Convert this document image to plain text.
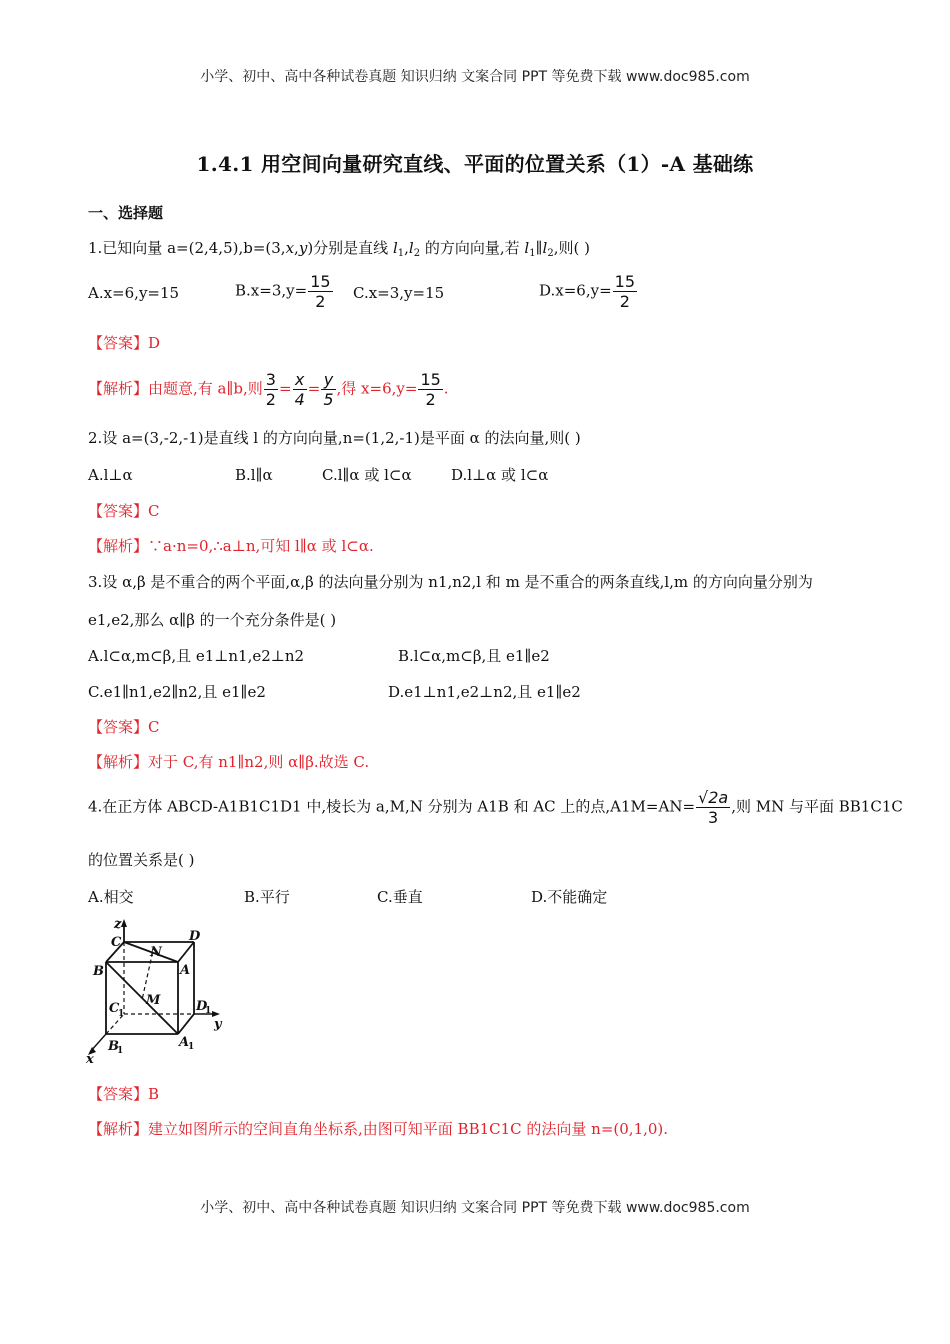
小学、初中、高中各种试卷真题 知识归纳 文案合同 PPT 等免费下载 www.doc985.com
1.4.1 用空间向量研究直线、平面的位置关系（1）-A 基础练
一、选择题
1.已知向量 a=(2,4,5),b=(3,x,y)分别是直线 $l_1,l_2$ 的方向向量,若 $l_1\parallel l_2$,则( )
A.x=6,y=15	$B.x=3,y= \frac{15}{2} C.x=3,y=15$	$D.x=6,y= \frac{15}{2}$
【答案】D
【解析】由题意,有 a∥b,则 $\frac{3}{2} = \frac{x}{4} = \frac{y}{5}$ ,得 $x=6,y= \frac{15}{2}$ .
2.设 a=(3,-2,-1)是直线 l 的方向向量,n=(1,2,-1)是平面 α 的法向量,则( )
A.l⊥α	B.l∥α	C.l∥α 或 l⊂α	D.l⊥α 或 l⊂α
【答案】C
【解析】∵a·n=0,∴a⊥n,可知 l∥α 或 l⊂α.
3.设 α,β 是不重合的两个平面,α,β 的法向量分别为 n1,n2,l 和 m 是不重合的两条直线,l,m 的方向向量分别为
e1,e2,那么 α∥β 的一个充分条件是( )
A.l⊂α,m⊂β,且 e1⊥n1,e2⊥n2	B.l⊂α,m⊂β,且 e1∥e2
C.e1∥n1,e2∥n2,且 e1∥e2	D.e1⊥n1,e2⊥n2,且 e1∥e2
【答案】C
【解析】对于 C,有 n1∥n2,则 α∥β.故选 C.
4.在正方体 ABCD-A1B1C1D1 中,棱长为 a,M,N 分别为 A1B 和 AC 上的点$,A1M=AN= \frac{√2a}{3}$ ,则 MN 与平面 BB1C1C
的位置关系是( )
A.相交	B.平行	C.垂直	D.不能确定
z
x
y
C
N
D
B	A
M
C
1	D
1
B
1
A
1
【答案】B
【解析】建立如图所示的空间直角坐标系,由图可知平面 BB1C1C 的法向量 n=(0,1,0).
小学、初中、高中各种试卷真题 知识归纳 文案合同 PPT 等免费下载 www.doc985.com
